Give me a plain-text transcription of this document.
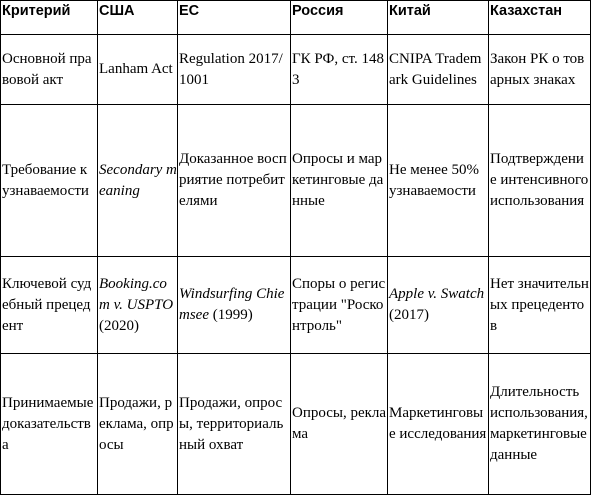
Критерий	США	ЕС	Россия	Китай	Казахстан
Основной правовой акт	Lanham Act	Regulation 2017/1001	ГК РФ, ст. 1483	CNIPA Trademark Guidelines	Закон РК о товарных знаках
Требование к узнаваемости	Secondary meaning	Доказанное восприятие потребителями	Опросы и маркетинговые данные	Не менее 50% узнаваемости	Подтверждение интенсивного использования
Ключевой судебный прецедент	Booking.com v. USPTO (2020)	Windsurfing Chiemsee (1999)	Споры о регистрации "Росконтроль"	Apple v. Swatch (2017)	Нет значительных прецедентов
Принимаемые доказательства	Продажи, реклама, опросы	Продажи, опросы, территориальный охват	Опросы, реклама	Маркетинговые исследования	Длительность использования, маркетинговые данные
